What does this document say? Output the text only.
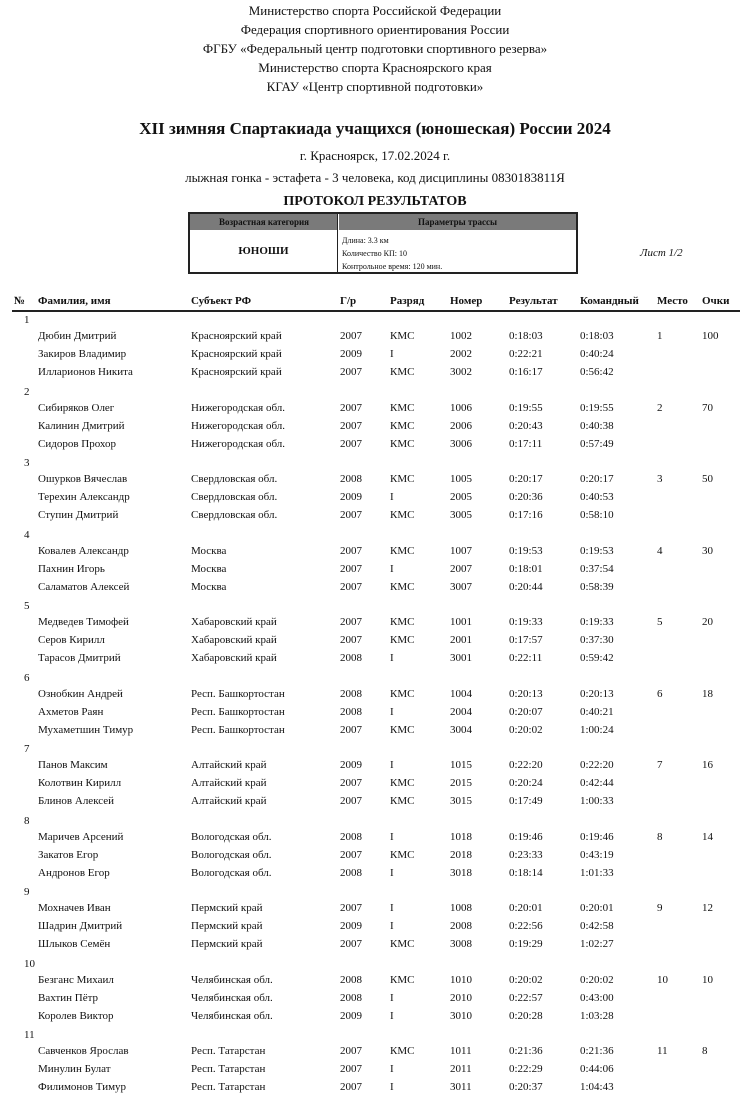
Министерство спорта Российской Федерации
Федерация спортивного ориентирования России
ФГБУ «Федеральный центр подготовки спортивного резерва»
Министерство спорта Красноярского края
КГАУ «Центр спортивной подготовки»
XII зимняя Спартакиада учащихся (юношеская) России 2024
г. Красноярск, 17.02.2024 г.
лыжная гонка - эстафета - 3 человека, код дисциплины 0830183811Я
ПРОТОКОЛ РЕЗУЛЬТАТОВ
Возрастная категория	Параметры трассы
ЮНОШИ
Длина: 3.3 км
Количество КП: 10
Контрольное время: 120 мин.
Лист 1/2
№ Фамилия, имя	Субъект РФ	Г/р	Разряд Номер Результат Командный Место Очки
1
Дюбин Дмитрий	Красноярский край	2007	КМС	1002	0:18:03	0:18:03	1	100
Закиров Владимир	Красноярский край	2009	I	2002	0:22:21	0:40:24
Илларионов Никита	Красноярский край	2007	КМС	3002	0:16:17	0:56:42
2
Сибиряков Олег	Нижегородская обл.	2007	КМС	1006	0:19:55	0:19:55	2	70
Калинин Дмитрий	Нижегородская обл.	2007	КМС	2006	0:20:43	0:40:38
Сидоров Прохор	Нижегородская обл.	2007	КМС	3006	0:17:11	0:57:49
3
Ошурков Вячеслав	Свердловская обл.	2008	КМС	1005	0:20:17	0:20:17	3	50
Терехин Александр	Свердловская обл.	2009	I	2005	0:20:36	0:40:53
Ступин Дмитрий	Свердловская обл.	2007	КМС	3005	0:17:16	0:58:10
4
Ковалев Александр	Москва	2007	КМС	1007	0:19:53	0:19:53	4	30
Пахнин Игорь	Москва	2007	I	2007	0:18:01	0:37:54
Саламатов Алексей	Москва	2007	КМС	3007	0:20:44	0:58:39
5
Медведев Тимофей	Хабаровский край	2007	КМС	1001	0:19:33	0:19:33	5	20
Серов Кирилл	Хабаровский край	2007	КМС	2001	0:17:57	0:37:30
Тарасов Дмитрий	Хабаровский край	2008	I	3001	0:22:11	0:59:42
6
Ознобкин Андрей	Респ. Башкортостан	2008	КМС	1004	0:20:13	0:20:13	6	18
Ахметов Раян	Респ. Башкортостан	2008	I	2004	0:20:07	0:40:21
Мухаметшин Тимур	Респ. Башкортостан	2007	КМС	3004	0:20:02	1:00:24
7
Панов Максим	Алтайский край	2009	I	1015	0:22:20	0:22:20	7	16
Колотвин Кирилл	Алтайский край	2007	КМС	2015	0:20:24	0:42:44
Блинов Алексей	Алтайский край	2007	КМС	3015	0:17:49	1:00:33
8
Маричев Арсений	Вологодская обл.	2008	I	1018	0:19:46	0:19:46	8	14
Закатов Егор	Вологодская обл.	2007	КМС	2018	0:23:33	0:43:19
Андронов Егор	Вологодская обл.	2008	I	3018	0:18:14	1:01:33
9
Мохначев Иван	Пермский край	2007	I	1008	0:20:01	0:20:01	9	12
Шадрин Дмитрий	Пермский край	2009	I	2008	0:22:56	0:42:58
Шлыков Семён	Пермский край	2007	КМС	3008	0:19:29	1:02:27
10
Безганс Михаил	Челябинская обл.	2008	КМС	1010	0:20:02	0:20:02	10	10
Вахтин Пётр	Челябинская обл.	2008	I	2010	0:22:57	0:43:00
Королев Виктор	Челябинская обл.	2009	I	3010	0:20:28	1:03:28
11
Савченков Ярослав	Респ. Татарстан	2007	КМС	1011	0:21:36	0:21:36	11	8
Минулин Булат	Респ. Татарстан	2007	I	2011	0:22:29	0:44:06
Филимонов Тимур	Респ. Татарстан	2007	I	3011	0:20:37	1:04:43
